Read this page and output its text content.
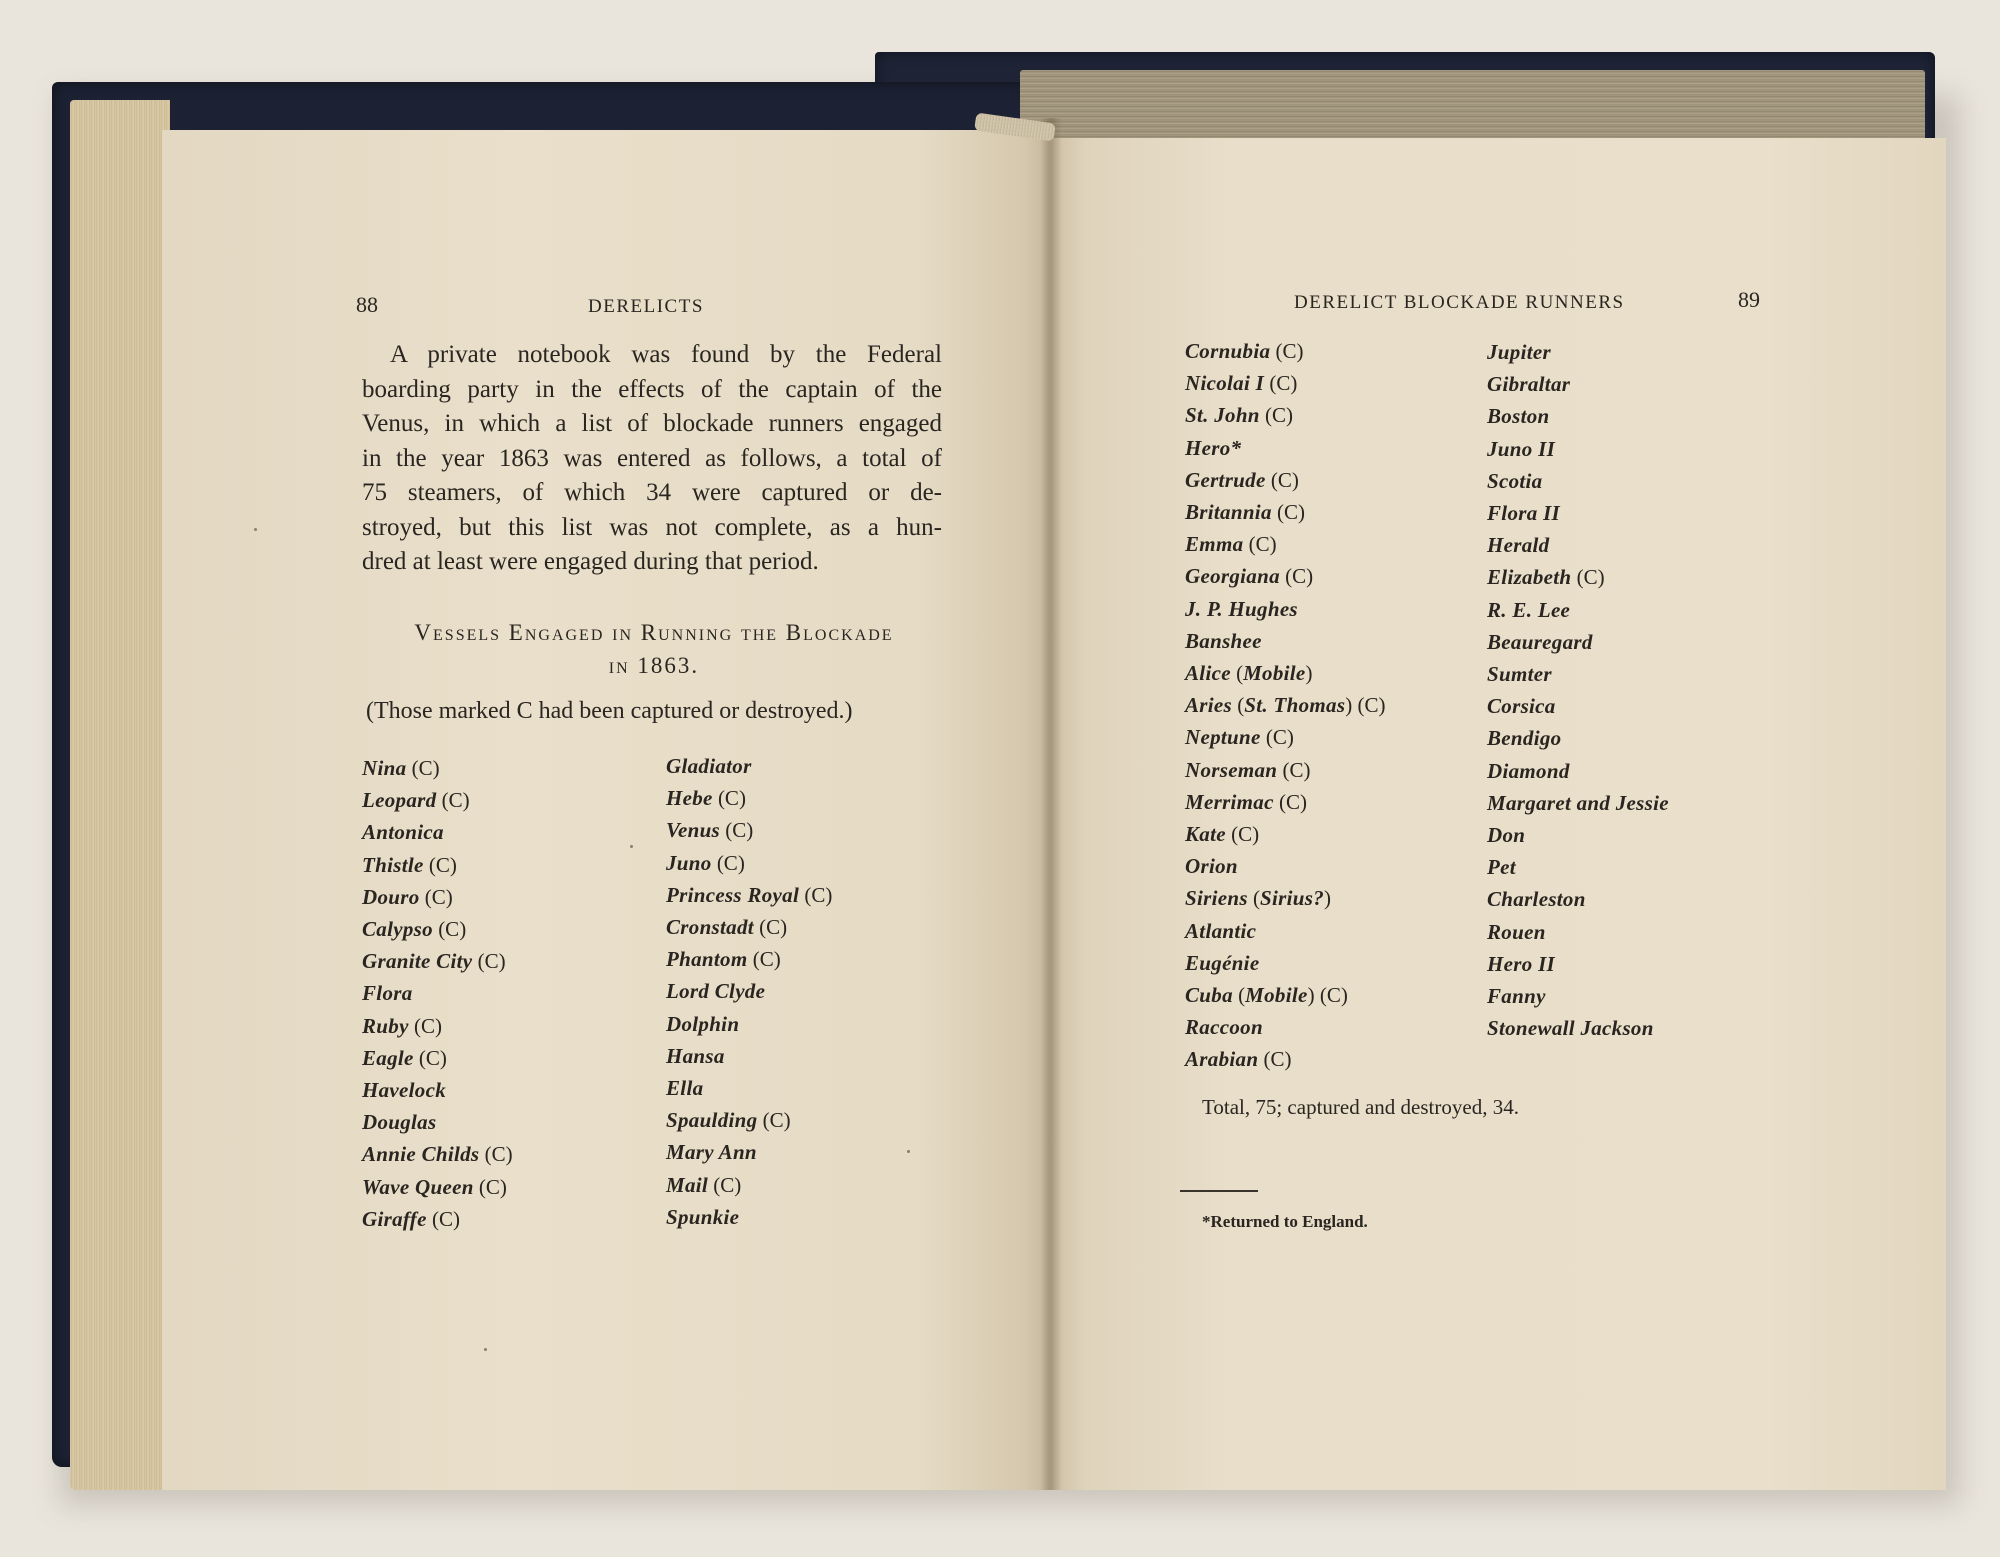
88	DERELICTS
A private notebook was found by the Federal
boarding party in the effects of the captain of the
Venus, in which a list of blockade runners engaged
in the year 1863 was entered as follows, a total of
75 steamers, of which 34 were captured or de-
stroyed, but this list was not complete, as a hun-
dred at least were engaged during that period.
Vessels Engaged in Running the Blockade
in 1863.
(Those marked C had been captured or destroyed.)
Nina (C)
Leopard (C)
Antonica
Thistle (C)
Douro (C)
Calypso (C)
Granite City (C)
Flora
Ruby (C)
Eagle (C)
Havelock
Douglas
Annie Childs (C)
Wave Queen (C)
Giraffe (C)
Gladiator
Hebe (C)
Venus (C)
Juno (C)
Princess Royal (C)
Cronstadt (C)
Phantom (C)
Lord Clyde
Dolphin
Hansa
Ella
Spaulding (C)
Mary Ann
Mail (C)
Spunkie
DERELICT BLOCKADE RUNNERS	89
Cornubia (C)
Nicolai I (C)
St. John (C)
Hero*
Gertrude (C)
Britannia (C)
Emma (C)
Georgiana (C)
J. P. Hughes
Banshee
Alice (Mobile)
Aries (St. Thomas) (C)
Neptune (C)
Norseman (C)
Merrimac (C)
Kate (C)
Orion
Siriens (Sirius?)
Atlantic
Eugénie
Cuba (Mobile) (C)
Raccoon
Arabian (C)
Jupiter
Gibraltar
Boston
Juno II
Scotia
Flora II
Herald
Elizabeth (C)
R. E. Lee
Beauregard
Sumter
Corsica
Bendigo
Diamond
Margaret and Jessie
Don
Pet
Charleston
Rouen
Hero II
Fanny
Stonewall Jackson
Total, 75; captured and destroyed, 34.
*Returned to England.
